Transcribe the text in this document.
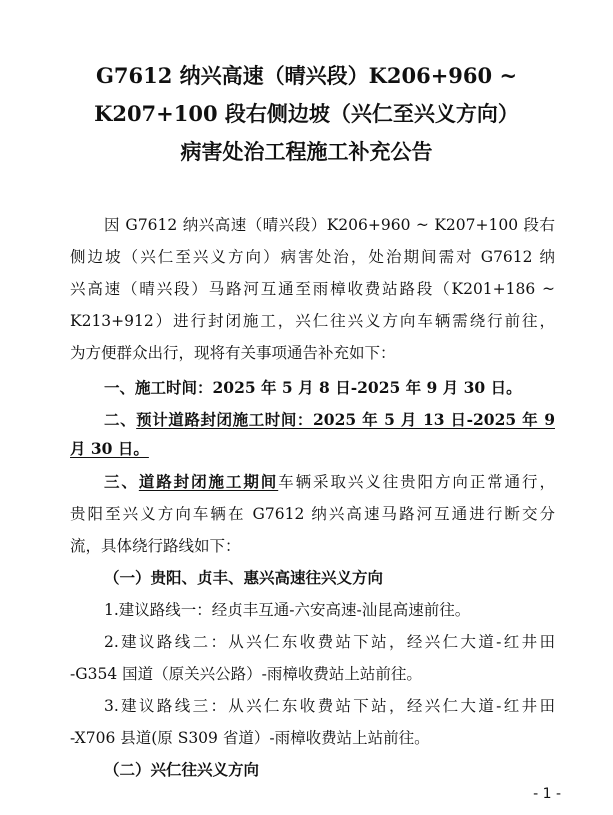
G7612 纳兴高速（晴兴段）K206+960 ~
K207+100 段右侧边坡（兴仁至兴义方向）
病害处治工程施工补充公告
因 G7612 纳兴高速（晴兴段）K206+960 ~ K207+100 段右
侧边坡（兴仁至兴义方向）病害处治，处治期间需对 G7612 纳
兴高速（晴兴段）马路河互通至雨樟收费站路段（K201+186 ~
K213+912）进行封闭施工，兴仁往兴义方向车辆需绕行前往，
为方便群众出行，现将有关事项通告补充如下：
一、施工时间：2025 年 5 月 8 日-2025 年 9 月 30 日。
二、预计道路封闭施工时间：2025 年 5 月 13 日-2025 年 9
月 30 日。
三、道路封闭施工期间车辆采取兴义往贵阳方向正常通行，
贵阳至兴义方向车辆在 G7612 纳兴高速马路河互通进行断交分
流，具体绕行路线如下：
（一）贵阳、贞丰、惠兴高速往兴义方向
1.建议路线一：经贞丰互通-六安高速-汕昆高速前往。
2.建议路线二：从兴仁东收费站下站，经兴仁大道-红井田
-G354 国道（原关兴公路）-雨樟收费站上站前往。
3.建议路线三：从兴仁东收费站下站，经兴仁大道-红井田
-X706 县道(原 S309 省道）-雨樟收费站上站前往。
（二）兴仁往兴义方向
- 1 -
